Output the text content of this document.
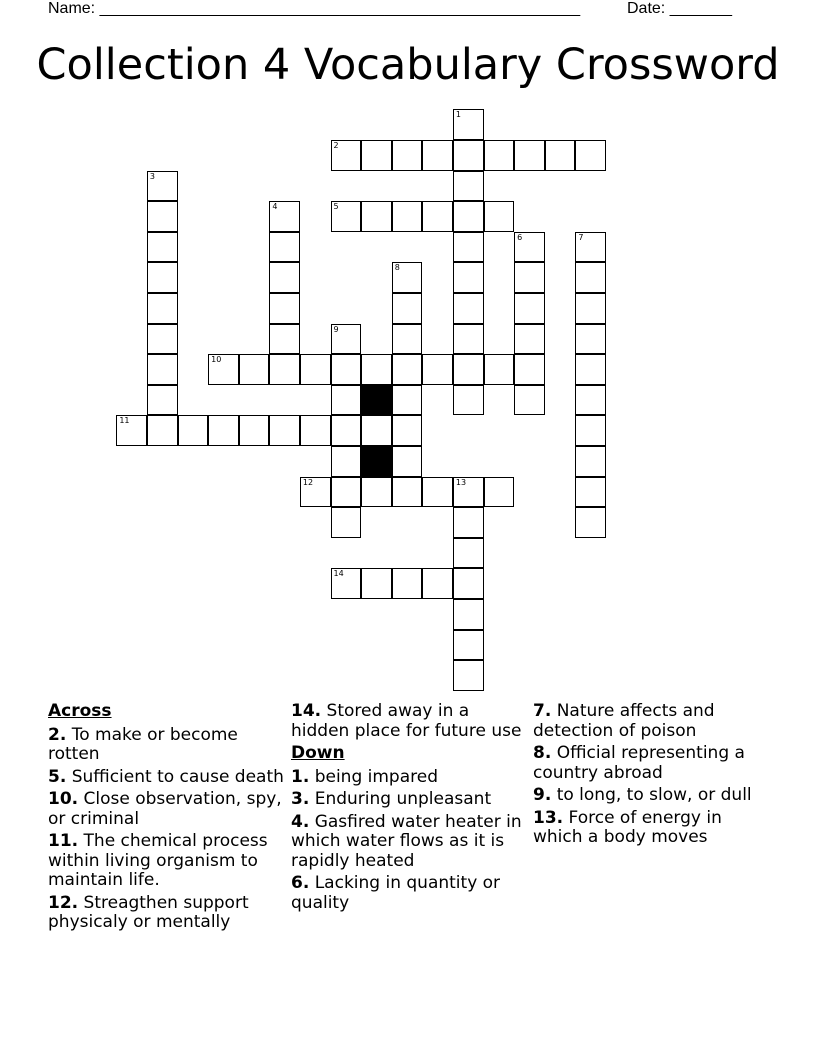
Name: ______________________________________________________	Date: _______
Collection 4 Vocabulary Crossword
1
2
3
4	5
6	7
8
9
10
11
12	13
14
Across
2. To make or become rotten
5. Sufficient to cause death
10. Close observation, spy, or criminal
11. The chemical process within living organism to maintain life.
12. Streagthen support physicaly or mentally
14. Stored away in a hidden place for future use
Down
1. being impared
3. Enduring unpleasant
4. Gasfired water heater in which water flows as it is rapidly heated
6. Lacking in quantity or quality
7. Nature affects and detection of poison
8. Official representing a country abroad
9. to long, to slow, or dull
13. Force of energy in which a body moves
